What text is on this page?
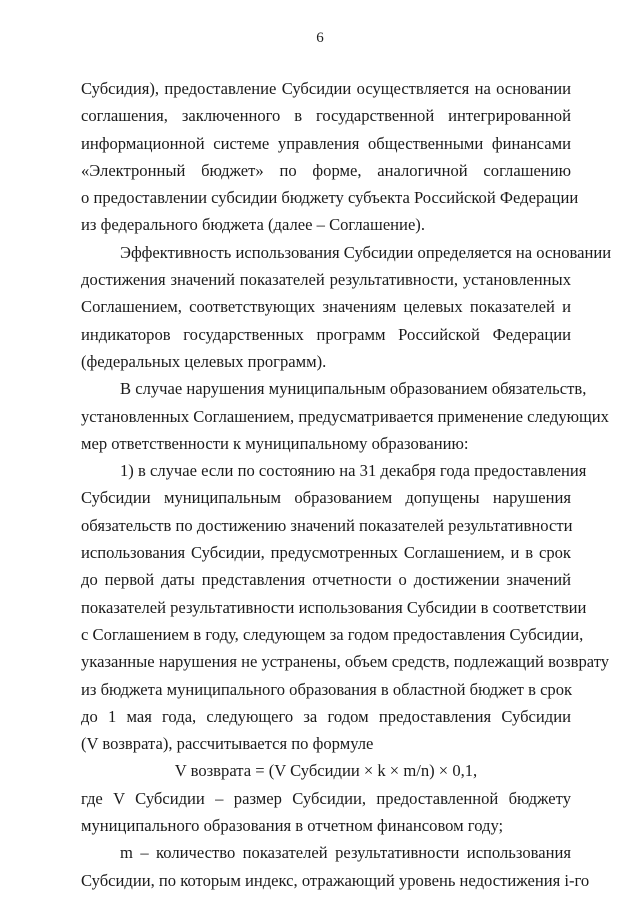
6

Субсидия), предоставление Субсидии осуществляется на основании

соглашения, заключенного в государственной интегрированной

информационной системе управления общественными финансами

«Электронный бюджет» по форме, аналогичной соглашению

о предоставлении субсидии бюджету субъекта Российской Федерации

из федерального бюджета (далее – Соглашение).

Эффективность использования Субсидии определяется на основании

достижения значений показателей результативности, установленных

Соглашением, соответствующих значениям целевых показателей и

индикаторов государственных программ Российской Федерации

(федеральных целевых программ).

В случае нарушения муниципальным образованием обязательств,

установленных Соглашением, предусматривается применение следующих

мер ответственности к муниципальному образованию:

1) в случае если по состоянию на 31 декабря года предоставления

Субсидии муниципальным образованием допущены нарушения

обязательств по достижению значений показателей результативности

использования Субсидии, предусмотренных Соглашением, и в срок

до первой даты представления отчетности о достижении значений

показателей результативности использования Субсидии в соответствии

с Соглашением в году, следующем за годом предоставления Субсидии,

указанные нарушения не устранены, объем средств, подлежащий возврату

из бюджета муниципального образования в областной бюджет в срок

до 1 мая года, следующего за годом предоставления Субсидии

(V возврата), рассчитывается по формуле

V возврата = (V Субсидии × k × m/n) × 0,1,

где V Субсидии – размер Субсидии, предоставленной бюджету

муниципального образования в отчетном финансовом году;

m – количество показателей результативности использования

Субсидии, по которым индекс, отражающий уровень недостижения i-го
